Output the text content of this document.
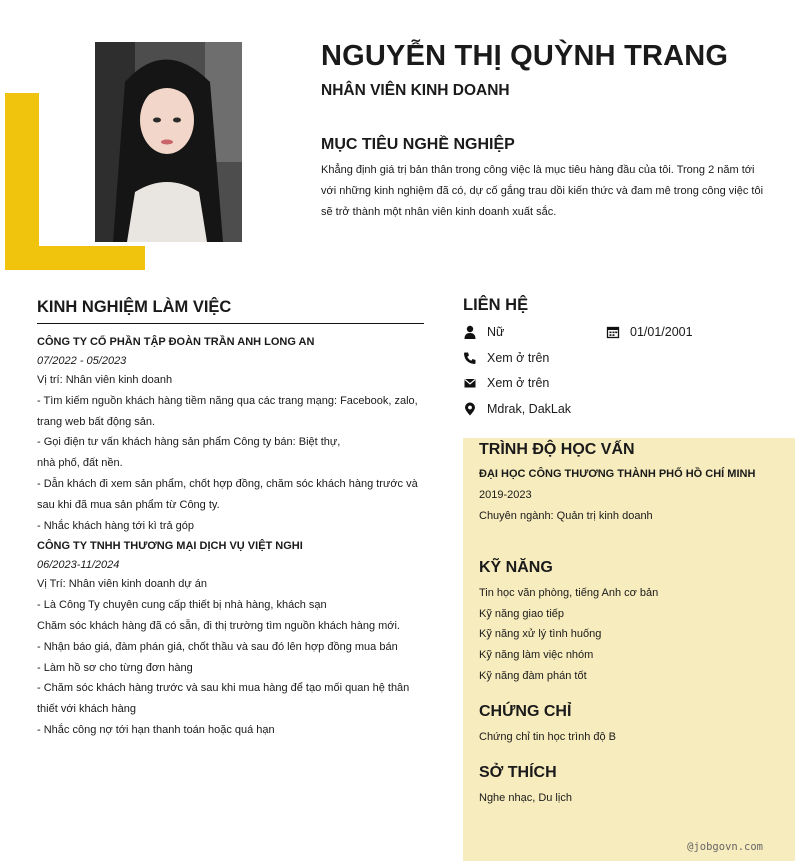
NGUYỄN THỊ QUỲNH TRANG
NHÂN VIÊN KINH DOANH
MỤC TIÊU NGHỀ NGHIỆP

Khẳng định giá trị bản thân trong công việc là mục tiêu hàng đầu của tôi. Trong 2 năm tới với những kinh nghiệm đã có, dự cố gắng trau dồi kiến thức và đam mê trong công việc tôi sẽ trở thành một nhân viên kinh doanh xuất sắc.

KINH NGHIỆM LÀM VIỆC

CÔNG TY CỔ PHẦN TẬP ĐOÀN TRẦN ANH LONG AN

07/2022 - 05/2023

Vị trí: Nhân viên kinh doanh

- Tìm kiếm nguồn khách hàng tiềm năng qua các trang mạng: Facebook, zalo, trang web bất động sản.

- Gọi điện tư vấn khách hàng sản phẩm Công ty bán: Biệt thự,

nhà phố, đất nền.

- Dẫn khách đi xem sản phẩm, chốt hợp đồng, chăm sóc khách hàng trước và sau khi đã mua sản phẩm từ Công ty.

- Nhắc khách hàng tới kì trả góp

CÔNG TY TNHH THƯƠNG MẠI DỊCH VỤ VIỆT NGHI

06/2023-11/2024

Vị Trí: Nhân viên kinh doanh dự án

- Là Công Ty chuyên cung cấp thiết bị nhà hàng, khách sạn

Chăm sóc khách hàng đã có sẵn, đi thị trường tìm nguồn khách hàng mới.

- Nhận báo giá, đàm phán giá, chốt thầu và sau đó lên hợp đồng mua bán

- Làm hồ sơ cho từng đơn hàng

- Chăm sóc khách hàng trước và sau khi mua hàng để tạo mối quan hệ thân thiết với khách hàng

- Nhắc công nợ tới hạn thanh toán hoặc quá hạn

LIÊN HỆ
Nữ	01/01/2001
Xem ở trên
Xem ở trên
Mdrak, DakLak
TRÌNH ĐỘ HỌC VẤN

ĐẠI HỌC CÔNG THƯƠNG THÀNH PHỐ HỒ CHÍ MINH

2019-2023

Chuyên ngành: Quản trị kinh doanh

KỸ NĂNG

Tin học văn phòng, tiếng Anh cơ bản

Kỹ năng giao tiếp

Kỹ năng xử lý tình huống

Kỹ năng làm việc nhóm

Kỹ năng đàm phán tốt

CHỨNG CHỈ

Chứng chỉ tin học trình độ B

SỞ THÍCH

Nghe nhạc, Du lịch

@jobgovn.com
